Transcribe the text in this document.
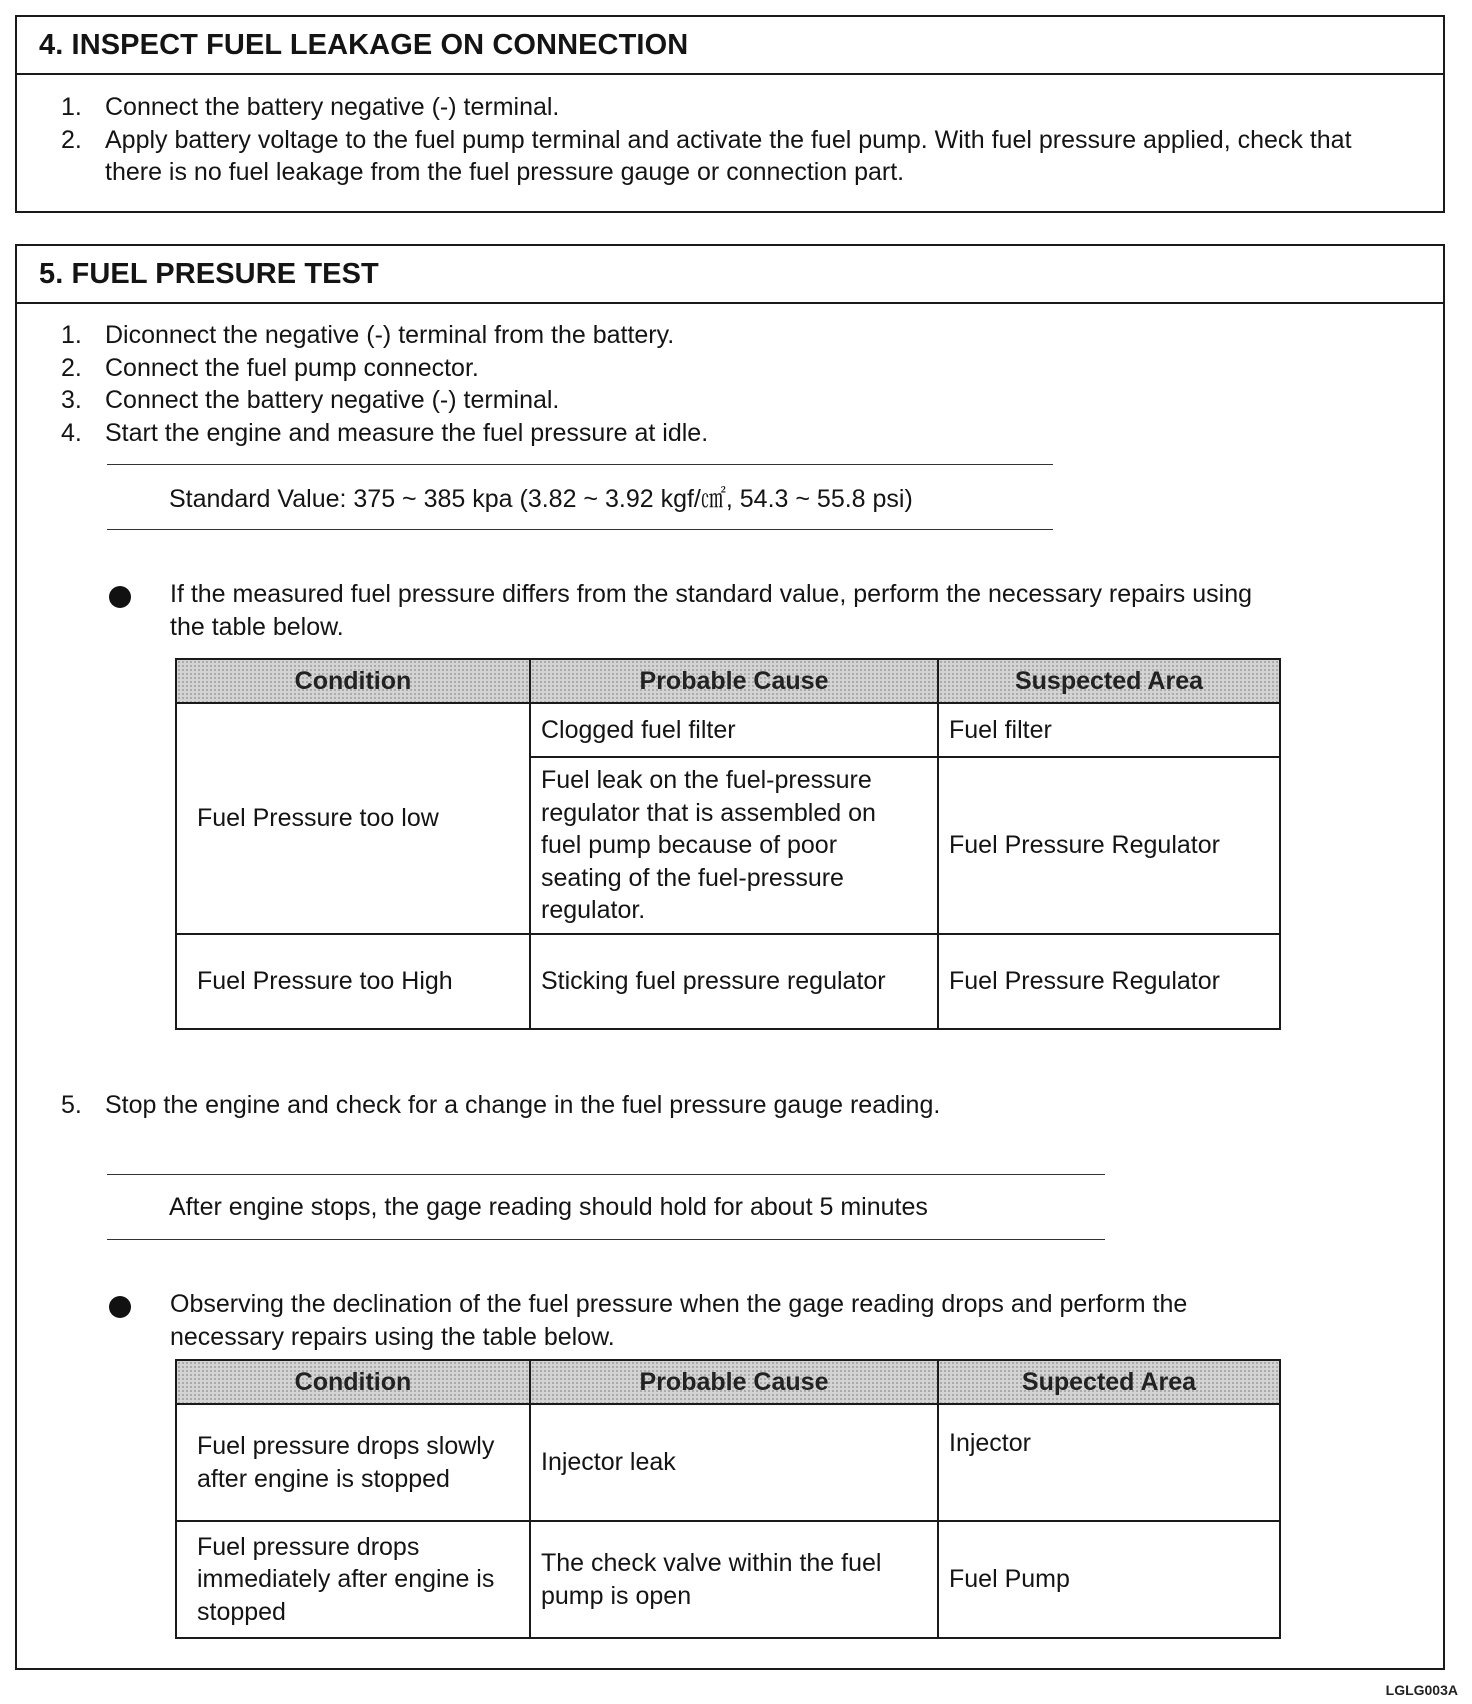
4. INSPECT FUEL LEAKAGE ON CONNECTION
1. Connect the battery negative (-) terminal.
2. Apply battery voltage to the fuel pump terminal and activate the fuel pump. With fuel pressure applied, check that there is no fuel leakage from the fuel pressure gauge or connection part.
5. FUEL PRESURE TEST
1. Diconnect the negative (-) terminal from the battery.
2. Connect the fuel pump connector.
3. Connect the battery negative (-) terminal.
4. Start the engine and measure the fuel pressure at idle.
Standard Value: 375 ~ 385 kpa (3.82 ~ 3.92 kgf/㎠, 54.3 ~ 55.8 psi)
If the measured fuel pressure differs from the standard value, perform the necessary repairs using the table below.
Condition	Probable Cause	Suspected Area
Fuel Pressure too low	Clogged fuel filter	Fuel filter
	Fuel leak on the fuel-pressure regulator that is assembled on fuel pump because of poor seating of the fuel-pressure regulator.	Fuel Pressure Regulator
Fuel Pressure too High	Sticking fuel pressure regulator	Fuel Pressure Regulator
5. Stop the engine and check for a change in the fuel pressure gauge reading.
After engine stops, the gage reading should hold for about 5 minutes
Observing the declination of the fuel pressure when the gage reading drops and perform the necessary repairs using the table below.
Condition	Probable Cause	Supected Area
Fuel pressure drops slowly after engine is stopped	Injector leak	Injector
Fuel pressure drops immediately after engine is stopped	The check valve within the fuel pump is open	Fuel Pump
LGLG003A
